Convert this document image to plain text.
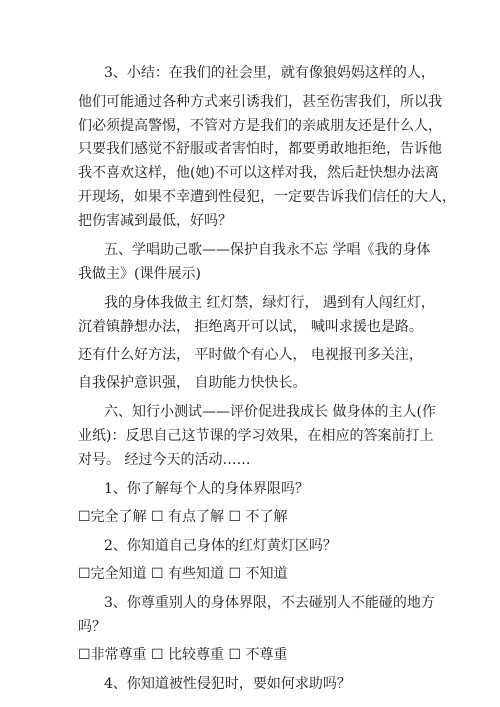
3、小结：在我们的社会里，就有像狼妈妈这样的人，
他们可能通过各种方式来引诱我们，甚至伤害我们，所以我
们必须提高警惕，不管对方是我们的亲戚朋友还是什么人，
只要我们感觉不舒服或者害怕时，都要勇敢地拒绝，告诉他
我不喜欢这样，他(她)不可以这样对我，然后赶快想办法离
开现场，如果不幸遭到性侵犯，一定要告诉我们信任的大人，
把伤害减到最低，好吗？
五、学唱助己歌——保护自我永不忘 学唱《我的身体
我做主》(课件展示)
我的身体我做主 红灯禁，绿灯行， 遇到有人闯红灯，
沉着镇静想办法， 拒绝离开可以试， 喊叫求援也是路。
还有什么好方法， 平时做个有心人， 电视报刊多关注，
自我保护意识强， 自助能力快快长。
六、知行小测试——评价促进我成长 做身体的主人(作
业纸)：反思自己这节课的学习效果，在相应的答案前打上
对号。 经过今天的活动……
1、你了解每个人的身体界限吗？
☐完全了解 ☐ 有点了解 ☐ 不了解
2、你知道自己身体的红灯黄灯区吗？
☐完全知道 ☐ 有些知道 ☐ 不知道
3、你尊重别人的身体界限，不去碰别人不能碰的地方
吗？
☐非常尊重 ☐ 比较尊重 ☐ 不尊重
4、你知道被性侵犯时，要如何求助吗？
